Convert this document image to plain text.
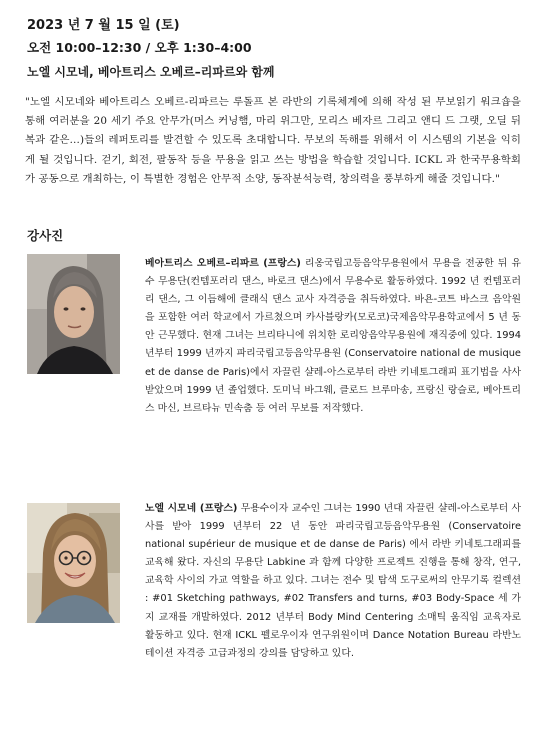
2023 년 7 월 15 일 (토)
오전 10:00–12:30 / 오후 1:30–4:00
노엘 시모네, 베아트리스 오베르–리파르와 함께

"노엘 시모네와 베아트리스 오베르-리파르는 루돌프 본 라반의 기록체계에 의해 작성 된 무보읽기 워크숍을 통해 여러분을 20 세기 주요 안무가(머스 커닝햄, 마리 위그만, 모리스 베자르 그리고 앤디 드 그랫, 오딜 뒤복과 같은…)들의 레퍼토리를 발견할 수 있도록 초대합니다. 무보의 독해를 위해서 이 시스템의 기본을 익히게 될 것입니다. 걷기, 회전, 팔동작 등을 무용을 읽고 쓰는 방법을 학습할 것입니다. ICKL 과 한국무용학회가 공동으로 개최하는, 이 특별한 경험은 안무적 소양, 동작분석능력, 창의력을 풍부하게 해줄 것입니다."

강사진

베아트리스 오베르–리파르 (프랑스) 리옹국립고등음악무용원에서 무용을 전공한 뒤 유수 무용단(컨템포러리 댄스, 바로크 댄스)에서 무용수로 활동하였다. 1992 년 컨템포러리 댄스, 그 이듬해에 클래식 댄스 교사 자격증을 취득하였다. 바욘-코트 바스크 음악원을 포함한 여러 학교에서 가르쳤으며 카사블랑카(모로코)국제음악무용학교에서 5 년 동안 근무했다. 현재 그녀는 브리타니에 위치한 로리앙음악무용원에 재직중에 있다. 1994 년부터 1999 년까지 파리국립고등음악무용원 (Conservatoire national de musique et de danse de Paris)에서 자끌린 샬레-아스로부터 라반 키네토그래피 표기법을 사사 받았으며 1999 년 졸업했다. 도미닉 바그웨, 클로드 브루마송, 프랑신 랑슬로, 베아트리스 마신, 브르타뉴 민속춤 등 여러 무보를 저작했다.

노엘 시모네 (프랑스) 무용수이자 교수인 그녀는 1990 년대 자끌린 샬레-아스로부터 사사를 받아 1999 년부터 22 년 동안 파리국립고등음악무용원 (Conservatoire national supérieur de musique et de danse de Paris) 에서 라반 키네토그래피를 교육해 왔다. 자신의 무용단 Labkine 과 함께 다양한 프로젝트 진행을 통해 창작, 연구, 교육학 사이의 가교 역할을 하고 있다. 그녀는 전수 및 탐색 도구로써의 안무기록 컬렉션 : #01 Sketching pathways, #02 Transfers and turns, #03 Body-Space 세 가지 교재를 개발하였다. 2012 년부터 Body Mind Centering 소매틱 움직임 교육자로 활동하고 있다. 현재 ICKL 펠로우이자 연구위원이며 Dance Notation Bureau 라반노테이션 자격증 고급과정의 강의를 담당하고 있다.
